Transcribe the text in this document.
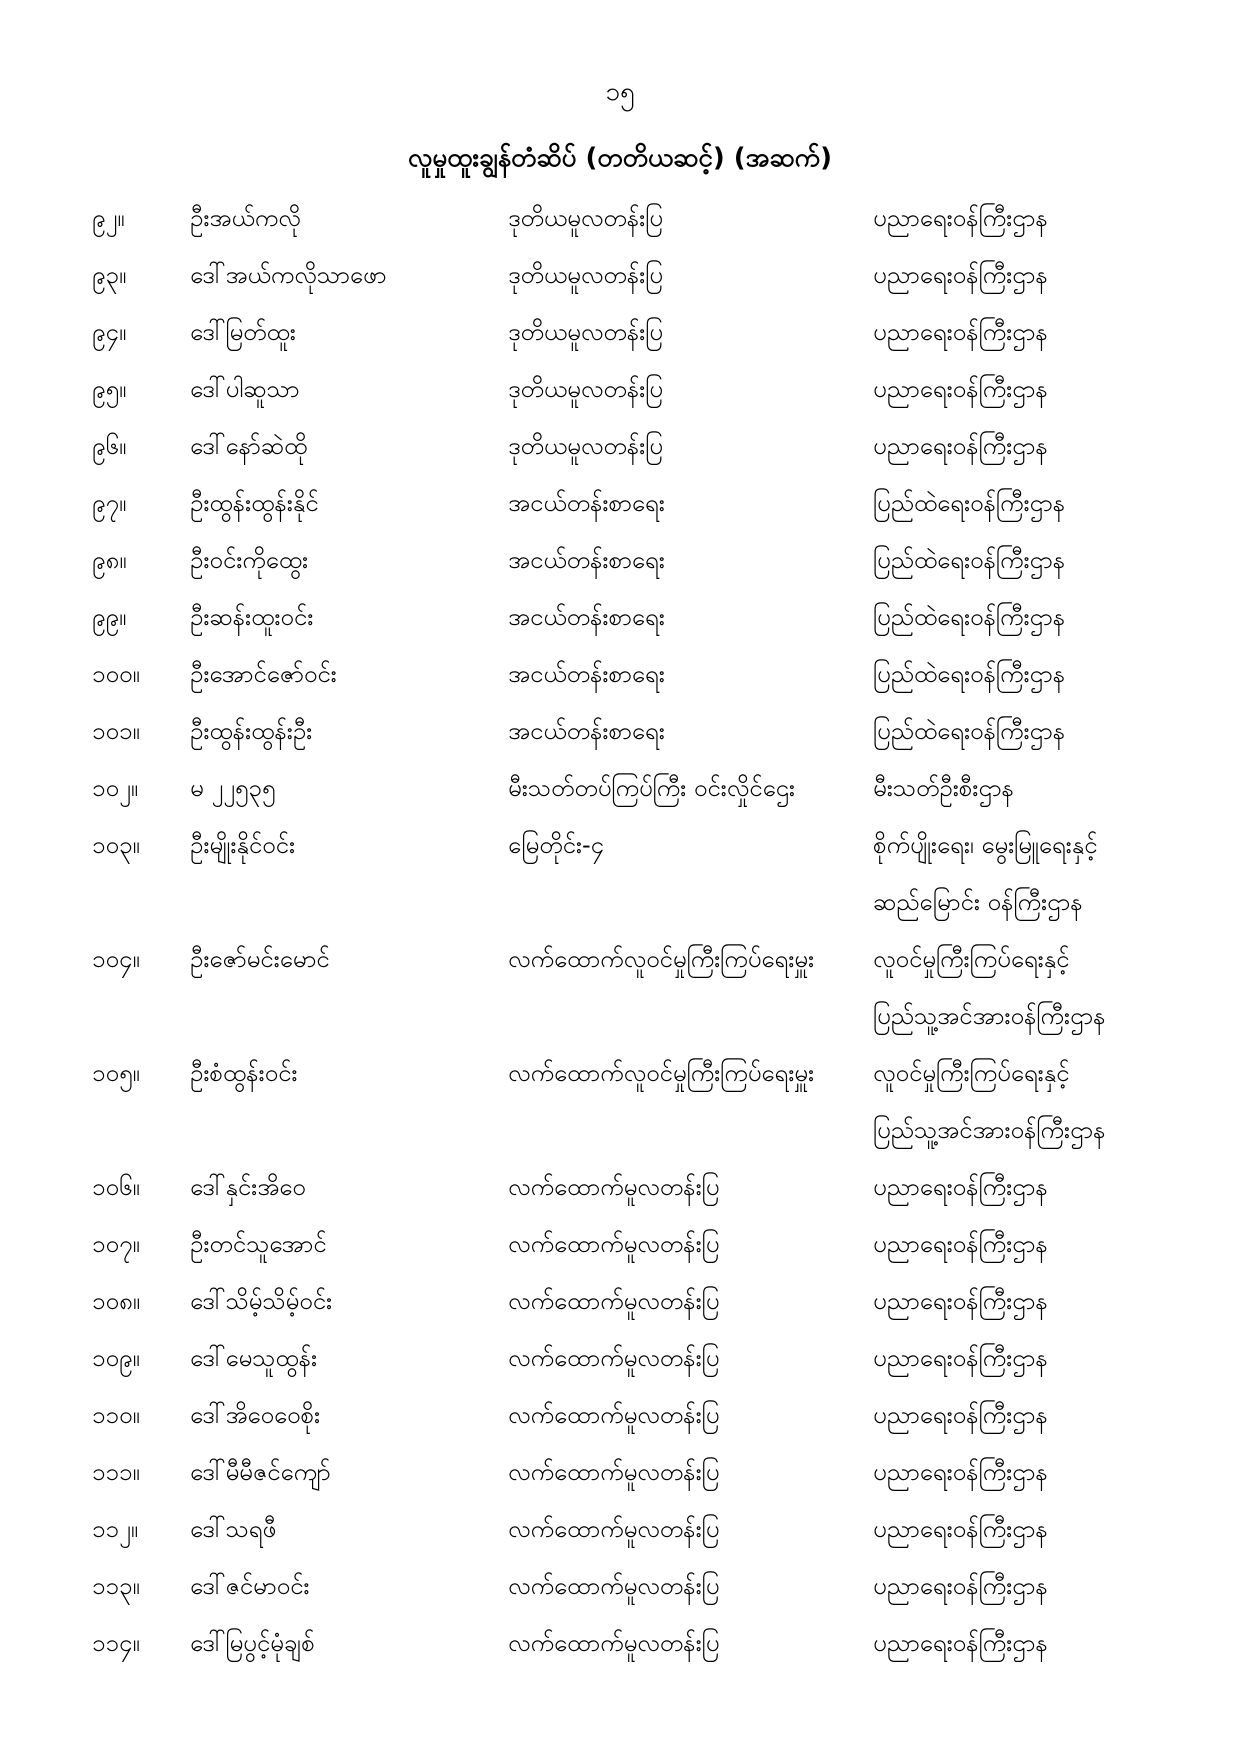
၁၅
လူမှုထူးချွန်တံဆိပ် (တတိယဆင့်) (အဆက်)
၉၂။	ဦးအယ်ကလို	ဒုတိယမူလတန်းပြ	ပညာရေးဝန်ကြီးဌာန
၉၃။	ဒေါ်အယ်ကလိုသာဖော	ဒုတိယမူလတန်းပြ	ပညာရေးဝန်ကြီးဌာန
၉၄။	ဒေါ်မြတ်ထူး	ဒုတိယမူလတန်းပြ	ပညာရေးဝန်ကြီးဌာန
၉၅။	ဒေါ်ပါဆူသာ	ဒုတိယမူလတန်းပြ	ပညာရေးဝန်ကြီးဌာန
၉၆။	ဒေါ်နော်ဆဲထို	ဒုတိယမူလတန်းပြ	ပညာရေးဝန်ကြီးဌာန
၉၇။	ဦးထွန်းထွန်းနိုင်	အငယ်တန်းစာရေး	ပြည်ထဲရေးဝန်ကြီးဌာန
၉၈။	ဦးဝင်းကိုထွေး	အငယ်တန်းစာရေး	ပြည်ထဲရေးဝန်ကြီးဌာန
၉၉။	ဦးဆန်းထူးဝင်း	အငယ်တန်းစာရေး	ပြည်ထဲရေးဝန်ကြီးဌာန
၁၀၀။	ဦးအောင်ဇော်ဝင်း	အငယ်တန်းစာရေး	ပြည်ထဲရေးဝန်ကြီးဌာန
၁၀၁။	ဦးထွန်းထွန်းဦး	အငယ်တန်းစာရေး	ပြည်ထဲရေးဝန်ကြီးဌာန
၁၀၂။	မ ၂၂၅၃၅	မီးသတ်တပ်ကြပ်ကြီး ဝင်းလှိုင်ဌေး	မီးသတ်ဦးစီးဌာန
၁၀၃။	ဦးမျိုးနိုင်ဝင်း	မြေတိုင်း-၄	စိုက်ပျိုးရေး၊ မွေးမြူရေးနှင့်
ဆည်မြောင်း ဝန်ကြီးဌာန
၁၀၄။	ဦးဇော်မင်းမောင်	လက်ထောက်လူဝင်မှုကြီးကြပ်ရေးမှူး	လူဝင်မှုကြီးကြပ်ရေးနှင့်
ပြည်သူ့အင်အားဝန်ကြီးဌာန
၁၀၅။	ဦးစံထွန်းဝင်း	လက်ထောက်လူဝင်မှုကြီးကြပ်ရေးမှူး	လူဝင်မှုကြီးကြပ်ရေးနှင့်
ပြည်သူ့အင်အားဝန်ကြီးဌာန
၁၀၆။	ဒေါ်နှင်းအိဝေ	လက်ထောက်မူလတန်းပြ	ပညာရေးဝန်ကြီးဌာန
၁၀၇။	ဦးတင်သူအောင်	လက်ထောက်မူလတန်းပြ	ပညာရေးဝန်ကြီးဌာန
၁၀၈။	ဒေါ်သိမ့်သိမ့်ဝင်း	လက်ထောက်မူလတန်းပြ	ပညာရေးဝန်ကြီးဌာန
၁၀၉။	ဒေါ်မေသူထွန်း	လက်ထောက်မူလတန်းပြ	ပညာရေးဝန်ကြီးဌာန
၁၁၀။	ဒေါ်အိဝေဝေစိုး	လက်ထောက်မူလတန်းပြ	ပညာရေးဝန်ကြီးဌာန
၁၁၁။	ဒေါ်မီမီဇင်ကျော်	လက်ထောက်မူလတန်းပြ	ပညာရေးဝန်ကြီးဌာန
၁၁၂။	ဒေါ်သရဖီ	လက်ထောက်မူလတန်းပြ	ပညာရေးဝန်ကြီးဌာန
၁၁၃။	ဒေါ်ဇင်မာဝင်း	လက်ထောက်မူလတန်းပြ	ပညာရေးဝန်ကြီးဌာန
၁၁၄။	ဒေါ်မြပွင့်မုံချစ်	လက်ထောက်မူလတန်းပြ	ပညာရေးဝန်ကြီးဌာန
